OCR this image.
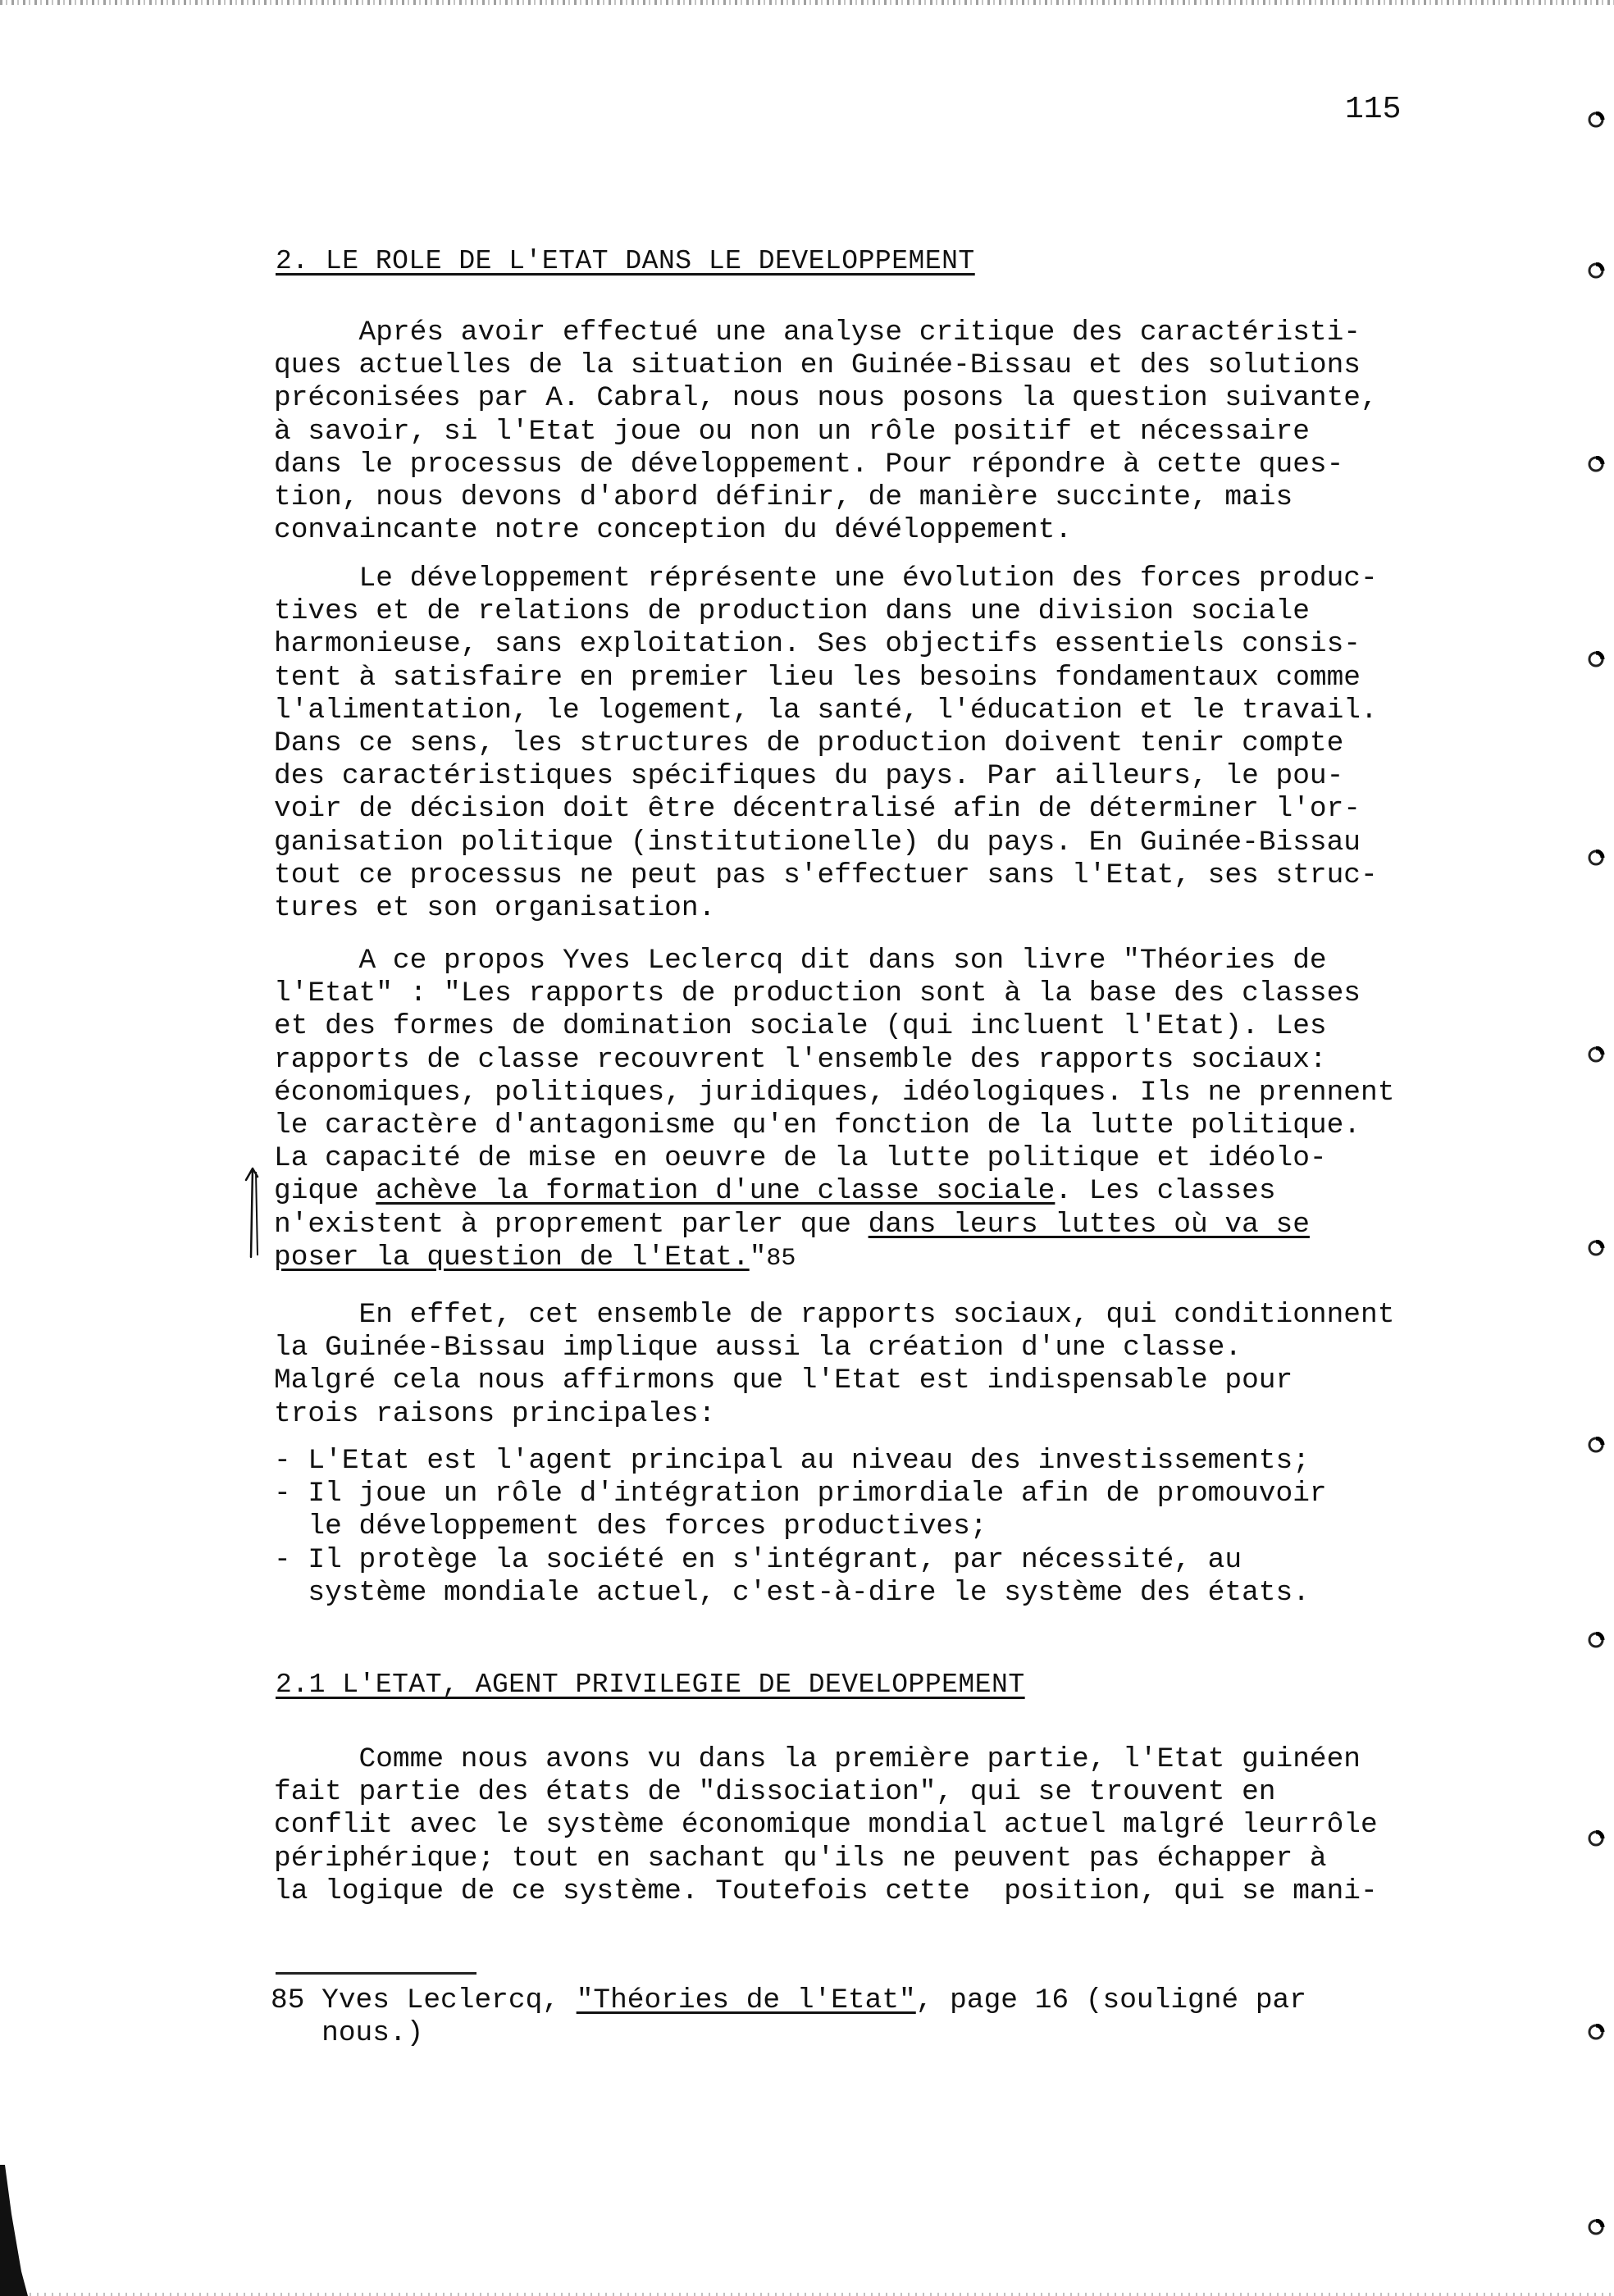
115
2. LE ROLE DE L'ETAT DANS LE DEVELOPPEMENT
Aprés avoir effectué une analyse critique des caractéristi-
ques actuelles de la situation en Guinée-Bissau et des solutions
préconisées par A. Cabral, nous nous posons la question suivante,
à savoir, si l'Etat joue ou non un rôle positif et nécessaire
dans le processus de développement. Pour répondre à cette ques-
tion, nous devons d'abord définir, de manière succinte, mais
convaincante notre conception du dévéloppement.
Le développement réprésente une évolution des forces produc-
tives et de relations de production dans une division sociale
harmonieuse, sans exploitation. Ses objectifs essentiels consis-
tent à satisfaire en premier lieu les besoins fondamentaux comme
l'alimentation, le logement, la santé, l'éducation et le travail.
Dans ce sens, les structures de production doivent tenir compte
des caractéristiques spécifiques du pays. Par ailleurs, le pou-
voir de décision doit être décentralisé afin de déterminer l'or-
ganisation politique (institutionelle) du pays. En Guinée-Bissau
tout ce processus ne peut pas s'effectuer sans l'Etat, ses struc-
tures et son organisation.
A ce propos Yves Leclercq dit dans son livre "Théories de
l'Etat" : "Les rapports de production sont à la base des classes
et des formes de domination sociale (qui incluent l'Etat). Les
rapports de classe recouvrent l'ensemble des rapports sociaux:
économiques, politiques, juridiques, idéologiques. Ils ne prennent
le caractère d'antagonisme qu'en fonction de la lutte politique.
La capacité de mise en oeuvre de la lutte politique et idéolo-
gique achève la formation d'une classe sociale. Les classes
n'existent à proprement parler que dans leurs luttes où va se
poser la question de l'Etat."85
En effet, cet ensemble de rapports sociaux, qui conditionnent
la Guinée-Bissau implique aussi la création d'une classe.
Malgré cela nous affirmons que l'Etat est indispensable pour
trois raisons principales:
- L'Etat est l'agent principal au niveau des investissements;
- Il joue un rôle d'intégration primordiale afin de promouvoir
le développement des forces productives;
- Il protège la société en s'intégrant, par nécessité, au
système mondiale actuel, c'est-à-dire le système des états.
2.1 L'ETAT, AGENT PRIVILEGIE DE DEVELOPPEMENT
Comme nous avons vu dans la première partie, l'Etat guinéen
fait partie des états de "dissociation", qui se trouvent en
conflit avec le système économique mondial actuel malgré leurrôle
périphérique; tout en sachant qu'ils ne peuvent pas échapper à
la logique de ce système. Toutefois cette  position, qui se mani-
85 Yves Leclercq, "Théories de l'Etat", page 16 (souligné par
nous.)
